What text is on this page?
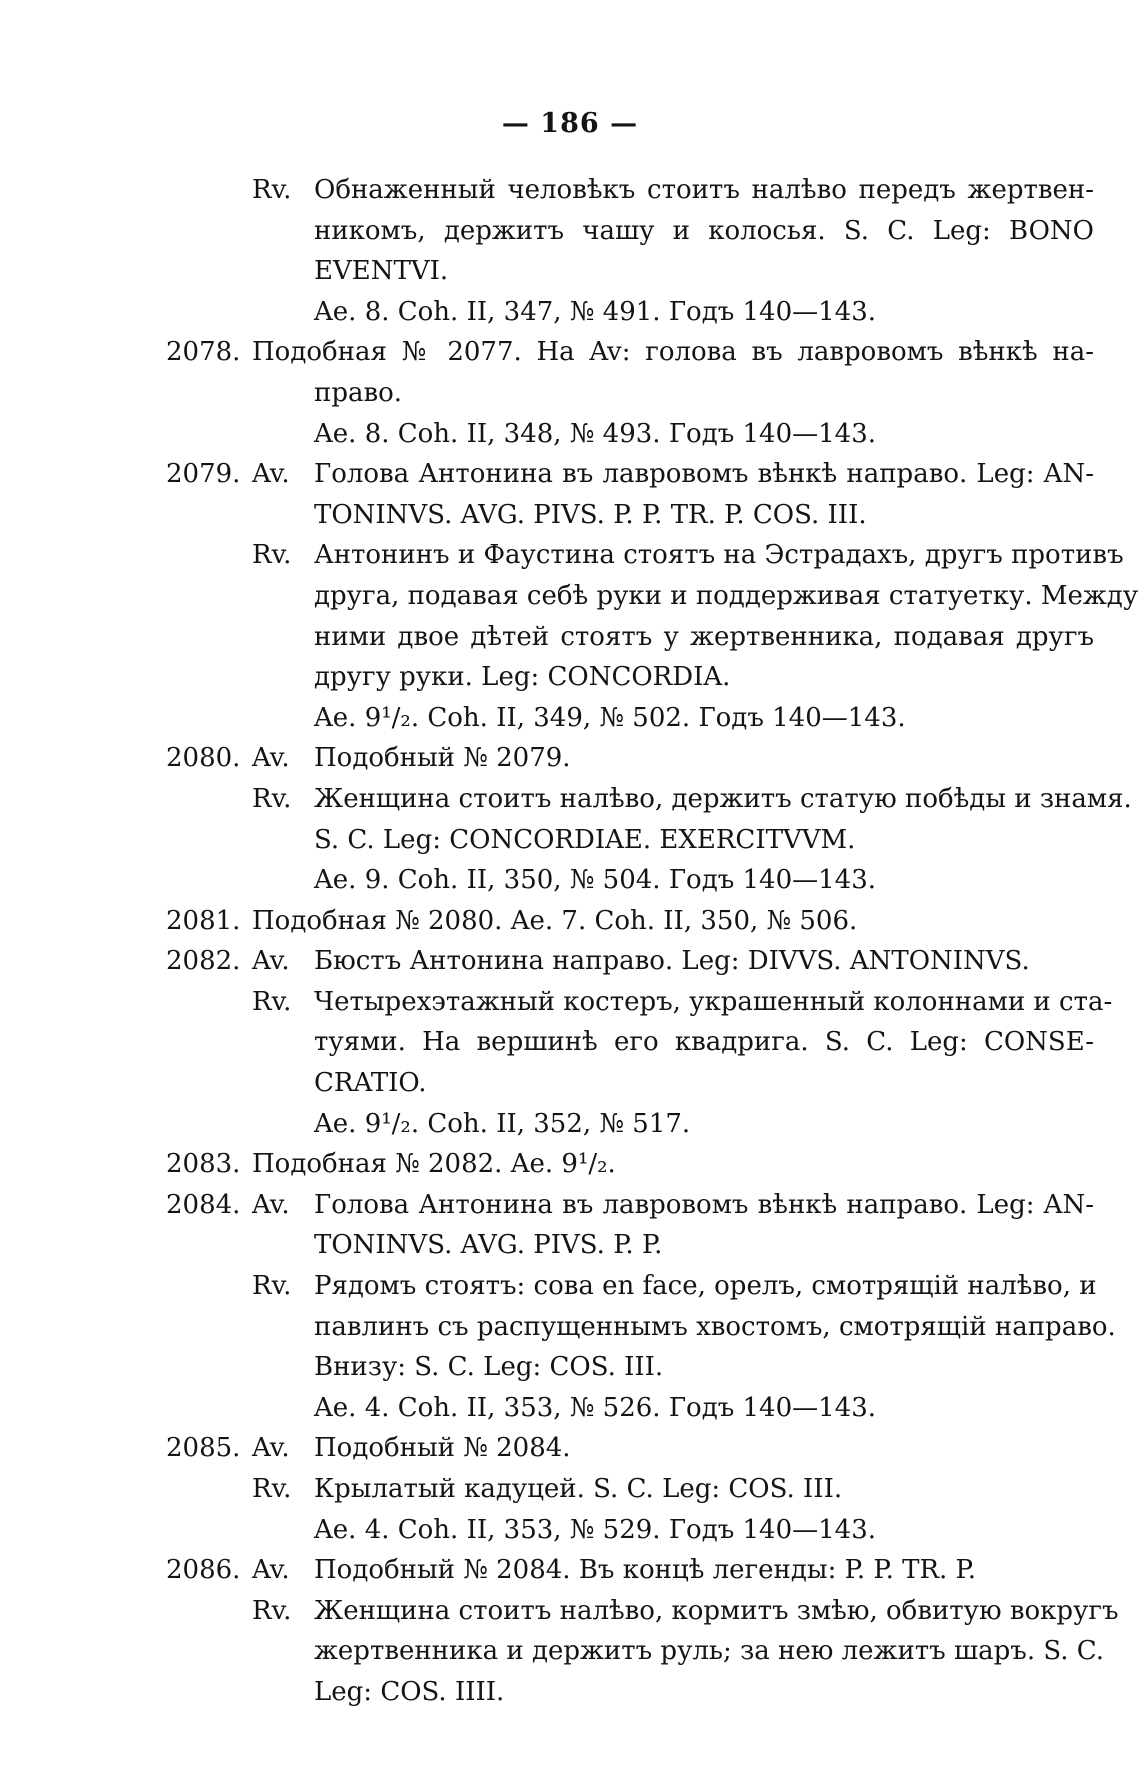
— 186 —
Rv. Обнаженный человѣкъ стоитъ налѣво передъ жертвен-
никомъ, держитъ чашу и колосья. S. C. Leg: BONO
EVENTVI.
Ae. 8. Coh. II, 347, № 491. Годъ 140—143.
2078. Подобная № 2077. На Av: голова въ лавровомъ вѣнкѣ на-
право.
Ae. 8. Coh. II, 348, № 493. Годъ 140—143.
2079. Av. Голова Антонина въ лавровомъ вѣнкѣ направо. Leg: AN-
TONINVS. AVG. PIVS. P. P. TR. P. COS. III.
Rv. Антонинъ и Фаустина стоятъ на Эстрадахъ, другъ противъ
друга, подавая себѣ руки и поддерживая статуетку. Между
ними двое дѣтей стоятъ у жертвенника, подавая другъ
другу руки. Leg: CONCORDIA.
Ae. 9¹/₂. Coh. II, 349, № 502. Годъ 140—143.
2080. Av. Подобный № 2079.
Rv. Женщина стоитъ налѣво, держитъ статую побѣды и знамя.
S. C. Leg: CONCORDIAE. EXERCITVVM.
Ae. 9. Coh. II, 350, № 504. Годъ 140—143.
2081. Подобная № 2080. Ae. 7. Coh. II, 350, № 506.
2082. Av. Бюстъ Антонина направо. Leg: DIVVS. ANTONINVS.
Rv. Четырехэтажный костеръ, украшенный колоннами и ста-
туями. На вершинѣ его квадрига. S. C. Leg: CONSE-
CRATIO.
Ae. 9¹/₂. Coh. II, 352, № 517.
2083. Подобная № 2082. Ae. 9¹/₂.
2084. Av. Голова Антонина въ лавровомъ вѣнкѣ направо. Leg: AN-
TONINVS. AVG. PIVS. P. P.
Rv. Рядомъ стоятъ: сова en face, орелъ, смотрящій налѣво, и
павлинъ съ распущеннымъ хвостомъ, смотрящій направо.
Внизу: S. C. Leg: COS. III.
Ae. 4. Coh. II, 353, № 526. Годъ 140—143.
2085. Av. Подобный № 2084.
Rv. Крылатый кадуцей. S. C. Leg: COS. III.
Ae. 4. Coh. II, 353, № 529. Годъ 140—143.
2086. Av. Подобный № 2084. Въ концѣ легенды: P. P. TR. P.
Rv. Женщина стоитъ налѣво, кормитъ змѣю, обвитую вокругъ
жертвенника и держитъ руль; за нею лежитъ шаръ. S. C.
Leg: COS. IIII.
